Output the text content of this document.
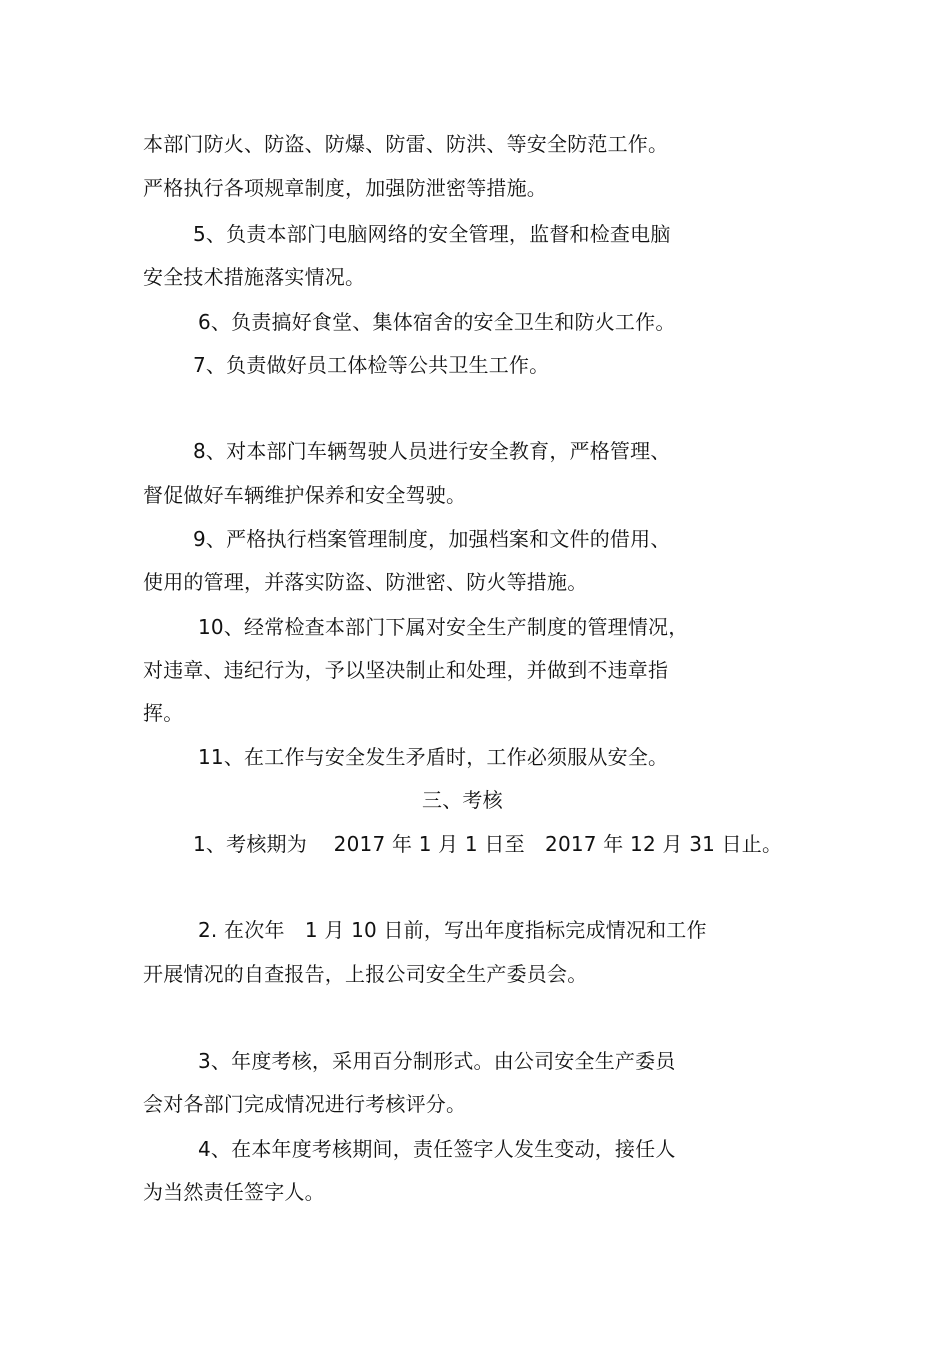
本部门防火、防盗、防爆、防雷、防洪、等安全防范工作。
严格执行各项规章制度，加强防泄密等措施。
5、负责本部门电脑网络的安全管理，监督和检查电脑
安全技术措施落实情况。
6、负责搞好食堂、集体宿舍的安全卫生和防火工作。
7、负责做好员工体检等公共卫生工作。
8、对本部门车辆驾驶人员进行安全教育，严格管理、
督促做好车辆维护保养和安全驾驶。
9、严格执行档案管理制度，加强档案和文件的借用、
使用的管理，并落实防盗、防泄密、防火等措施。
10、经常检查本部门下属对安全生产制度的管理情况，
对违章、违纪行为，予以坚决制止和处理，并做到不违章指
挥。
11、在工作与安全发生矛盾时，工作必须服从安全。
三、考核
1、考核期为　 2017 年 1 月 1 日至　2017 年 12 月 31 日止。
2. 在次年　1 月 10 日前，写出年度指标完成情况和工作
开展情况的自查报告，上报公司安全生产委员会。
3、年度考核，采用百分制形式。由公司安全生产委员
会对各部门完成情况进行考核评分。
4、在本年度考核期间，责任签字人发生变动，接任人
为当然责任签字人。
